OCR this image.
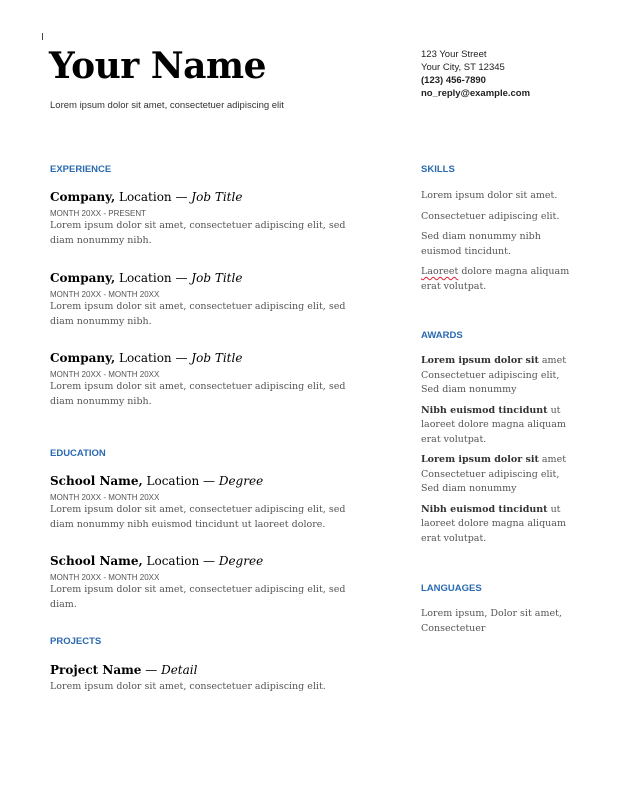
Your Name
Lorem ipsum dolor sit amet, consectetuer adipiscing elit
123 Your Street
Your City, ST 12345
(123) 456-7890
no_reply@example.com
EXPERIENCE
Company, Location — Job Title
MONTH 20XX - PRESENT
Lorem ipsum dolor sit amet, consectetuer adipiscing elit, sed diam nonummy nibh.
Company, Location — Job Title
MONTH 20XX - MONTH 20XX
Lorem ipsum dolor sit amet, consectetuer adipiscing elit, sed diam nonummy nibh.
Company, Location — Job Title
MONTH 20XX - MONTH 20XX
Lorem ipsum dolor sit amet, consectetuer adipiscing elit, sed diam nonummy nibh.
EDUCATION
School Name, Location — Degree
MONTH 20XX - MONTH 20XX
Lorem ipsum dolor sit amet, consectetuer adipiscing elit, sed diam nonummy nibh euismod tincidunt ut laoreet dolore.
School Name, Location — Degree
MONTH 20XX - MONTH 20XX
Lorem ipsum dolor sit amet, consectetuer adipiscing elit, sed diam.
PROJECTS
Project Name — Detail
Lorem ipsum dolor sit amet, consectetuer adipiscing elit.
SKILLS
Lorem ipsum dolor sit amet.
Consectetuer adipiscing elit.
Sed diam nonummy nibh euismod tincidunt.
Laoreet dolore magna aliquam erat volutpat.
AWARDS
Lorem ipsum dolor sit amet Consectetuer adipiscing elit, Sed diam nonummy
Nibh euismod tincidunt ut laoreet dolore magna aliquam erat volutpat.
Lorem ipsum dolor sit amet Consectetuer adipiscing elit, Sed diam nonummy
Nibh euismod tincidunt ut laoreet dolore magna aliquam erat volutpat.
LANGUAGES
Lorem ipsum, Dolor sit amet, Consectetuer
